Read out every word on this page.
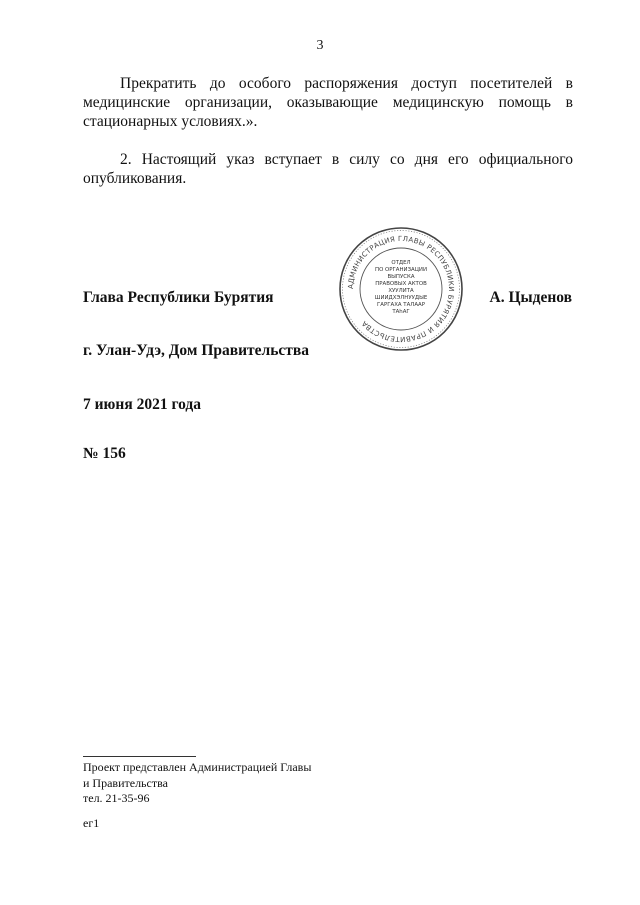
3

Прекратить до особого распоряжения доступ посетителей в медицинские организации, оказывающие медицинскую помощь в стационарных условиях.».

2. Настоящий указ вступает в силу со дня его официального опубликования.

Глава Республики Бурятия
АДМИНИСТРАЦИЯ ГЛАВЫ РЕСПУБЛИКИ БУРЯТИЯ И ПРАВИТЕЛЬСТВА
ОТДЕЛ
ПО ОРГАНИЗАЦИИ
ВЫПУСКА
ПРАВОВЫХ АКТОВ
ХУУЛИТА
ШИИДХЭЛНУУДЫЕ
ГАРГАХА ТАЛААР
ТАһАГ
А. Цыденов
г. Улан-Удэ, Дом Правительства
7 июня 2021 года
№ 156
Проект представлен Администрацией Главы
и Правительства
тел. 21-35-96
ег1
